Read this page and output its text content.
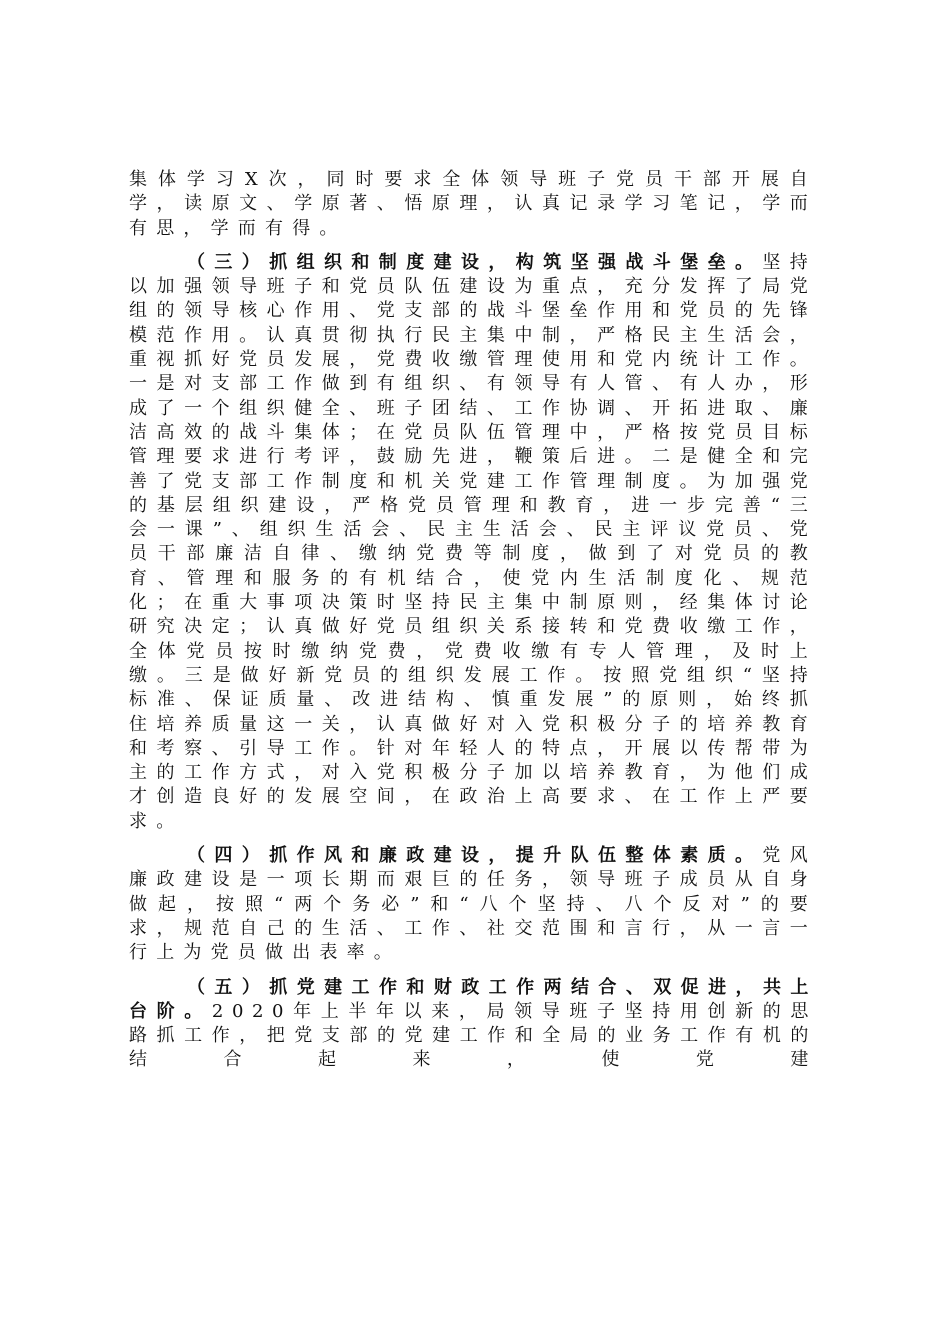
集体学习X次，同时要求全体领导班子党员干部开展自学，读原文、学原著、悟原理，认真记录学习笔记，学而有思，学而有得。

（三）抓组织和制度建设，构筑坚强战斗堡垒。坚持以加强领导班子和党员队伍建设为重点，充分发挥了局党组的领导核心作用、党支部的战斗堡垒作用和党员的先锋模范作用。认真贯彻执行民主集中制，严格民主生活会，重视抓好党员发展，党费收缴管理使用和党内统计工作。一是对支部工作做到有组织、有领导有人管、有人办，形成了一个组织健全、班子团结、工作协调、开拓进取、廉洁高效的战斗集体；在党员队伍管理中，严格按党员目标管理要求进行考评，鼓励先进，鞭策后进。二是健全和完善了党支部工作制度和机关党建工作管理制度。为加强党的基层组织建设，严格党员管理和教育，进一步完善“三会一课”、组织生活会、民主生活会、民主评议党员、党员干部廉洁自律、缴纳党费等制度，做到了对党员的教育、管理和服务的有机结合，使党内生活制度化、规范化；在重大事项决策时坚持民主集中制原则，经集体讨论研究决定；认真做好党员组织关系接转和党费收缴工作，全体党员按时缴纳党费，党费收缴有专人管理，及时上缴。三是做好新党员的组织发展工作。按照党组织“坚持标准、保证质量、改进结构、慎重发展”的原则，始终抓住培养质量这一关，认真做好对入党积极分子的培养教育和考察、引导工作。针对年轻人的特点，开展以传帮带为主的工作方式，对入党积极分子加以培养教育，为他们成才创造良好的发展空间，在政治上高要求、在工作上严要求。

（四）抓作风和廉政建设，提升队伍整体素质。党风廉政建设是一项长期而艰巨的任务，领导班子成员从自身做起，按照“两个务必”和“八个坚持、八个反对”的要求，规范自己的生活、工作、社交范围和言行，从一言一行上为党员做出表率。

（五）抓党建工作和财政工作两结合、双促进，共上台阶。2020年上半年以来，局领导班子坚持用创新的思路抓工作，把党支部的党建工作和全局的业务工作有机的结合起来，使党建
